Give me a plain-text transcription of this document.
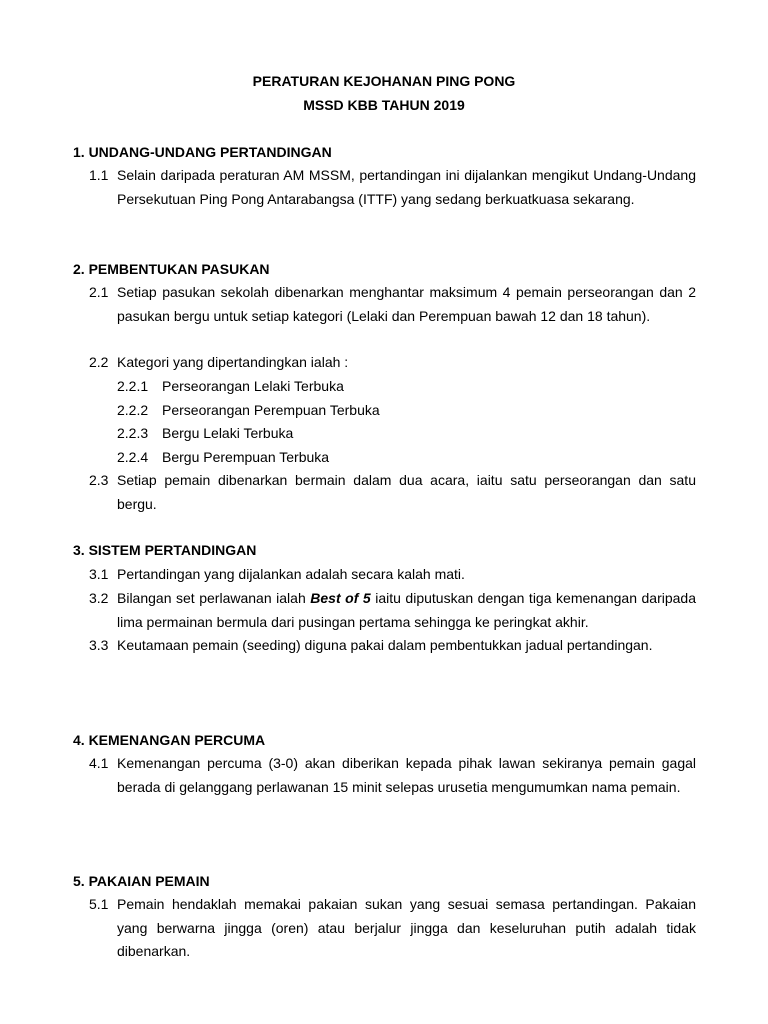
PERATURAN KEJOHANAN PING PONG
MSSD KBB TAHUN 2019
1. UNDANG-UNDANG PERTANDINGAN
1.1 Selain daripada peraturan AM MSSM, pertandingan ini dijalankan mengikut Undang-Undang Persekutuan Ping Pong Antarabangsa (ITTF) yang sedang berkuatkuasa sekarang.
2. PEMBENTUKAN PASUKAN
2.1 Setiap pasukan sekolah dibenarkan menghantar maksimum 4 pemain perseorangan dan 2 pasukan bergu untuk setiap kategori (Lelaki dan Perempuan bawah 12 dan 18 tahun).
2.2 Kategori yang dipertandingkan ialah :
2.2.1 Perseorangan Lelaki Terbuka
2.2.2 Perseorangan Perempuan Terbuka
2.2.3 Bergu Lelaki Terbuka
2.2.4 Bergu Perempuan Terbuka
2.3 Setiap pemain dibenarkan bermain dalam dua acara, iaitu satu perseorangan dan satu bergu.
3. SISTEM PERTANDINGAN
3.1 Pertandingan yang dijalankan adalah secara kalah mati.
3.2 Bilangan set perlawanan ialah Best of 5 iaitu diputuskan dengan tiga kemenangan daripada lima permainan bermula dari pusingan pertama sehingga ke peringkat akhir.
3.3 Keutamaan pemain (seeding) diguna pakai dalam pembentukkan jadual pertandingan.
4. KEMENANGAN PERCUMA
4.1 Kemenangan percuma (3-0) akan diberikan kepada pihak lawan sekiranya pemain gagal berada di gelanggang perlawanan 15 minit selepas urusetia mengumumkan nama pemain.
5. PAKAIAN PEMAIN
5.1 Pemain hendaklah memakai pakaian sukan yang sesuai semasa pertandingan. Pakaian yang berwarna jingga (oren) atau berjalur jingga dan keseluruhan putih adalah tidak dibenarkan.
